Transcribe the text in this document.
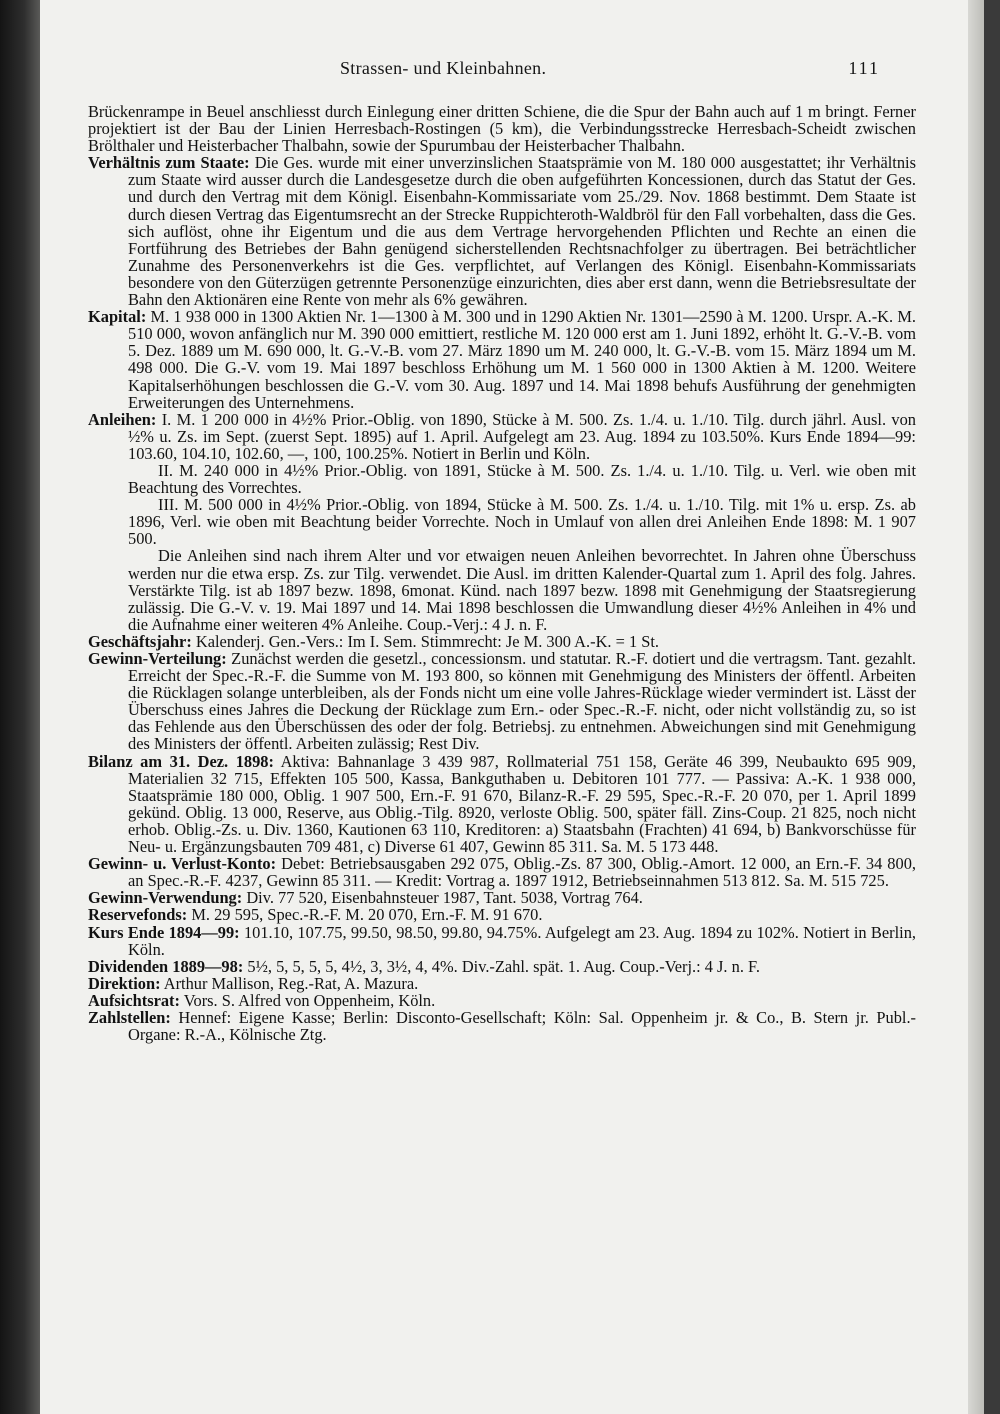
Strassen- und Kleinbahnen.	111

Brückenrampe in Beuel anschliesst durch Einlegung einer dritten Schiene, die die Spur der Bahn auch auf 1 m bringt. Ferner projektiert ist der Bau der Linien Herresbach-Rostingen (5 km), die Verbindungsstrecke Herresbach-Scheidt zwischen Brölthaler und Heisterbacher Thalbahn, sowie der Spurumbau der Heisterbacher Thalbahn.

Verhältnis zum Staate: Die Ges. wurde mit einer unverzinslichen Staatsprämie von M. 180 000 ausgestattet; ihr Verhältnis zum Staate wird ausser durch die Landesgesetze durch die oben aufgeführten Koncessionen, durch das Statut der Ges. und durch den Vertrag mit dem Königl. Eisenbahn-Kommissariate vom 25./29. Nov. 1868 bestimmt. Dem Staate ist durch diesen Vertrag das Eigentumsrecht an der Strecke Ruppichteroth-Waldbröl für den Fall vorbehalten, dass die Ges. sich auflöst, ohne ihr Eigentum und die aus dem Vertrage hervorgehenden Pflichten und Rechte an einen die Fortführung des Betriebes der Bahn genügend sicherstellenden Rechtsnachfolger zu übertragen. Bei beträchtlicher Zunahme des Personenverkehrs ist die Ges. verpflichtet, auf Verlangen des Königl. Eisenbahn-Kommissariats besondere von den Güterzügen getrennte Personenzüge einzurichten, dies aber erst dann, wenn die Betriebsresultate der Bahn den Aktionären eine Rente von mehr als 6% gewähren.

Kapital: M. 1 938 000 in 1300 Aktien Nr. 1—1300 à M. 300 und in 1290 Aktien Nr. 1301—2590 à M. 1200. Urspr. A.-K. M. 510 000, wovon anfänglich nur M. 390 000 emittiert, restliche M. 120 000 erst am 1. Juni 1892, erhöht lt. G.-V.-B. vom 5. Dez. 1889 um M. 690 000, lt. G.-V.-B. vom 27. März 1890 um M. 240 000, lt. G.-V.-B. vom 15. März 1894 um M. 498 000. Die G.-V. vom 19. Mai 1897 beschloss Erhöhung um M. 1 560 000 in 1300 Aktien à M. 1200. Weitere Kapitalserhöhungen beschlossen die G.-V. vom 30. Aug. 1897 und 14. Mai 1898 behufs Ausführung der genehmigten Erweiterungen des Unternehmens.

Anleihen: I. M. 1 200 000 in 4½% Prior.-Oblig. von 1890, Stücke à M. 500. Zs. 1./4. u. 1./10. Tilg. durch jährl. Ausl. von ½% u. Zs. im Sept. (zuerst Sept. 1895) auf 1. April. Aufgelegt am 23. Aug. 1894 zu 103.50%. Kurs Ende 1894—99: 103.60, 104.10, 102.60, —, 100, 100.25%. Notiert in Berlin und Köln.

II. M. 240 000 in 4½% Prior.-Oblig. von 1891, Stücke à M. 500. Zs. 1./4. u. 1./10. Tilg. u. Verl. wie oben mit Beachtung des Vorrechtes.

III. M. 500 000 in 4½% Prior.-Oblig. von 1894, Stücke à M. 500. Zs. 1./4. u. 1./10. Tilg. mit 1% u. ersp. Zs. ab 1896, Verl. wie oben mit Beachtung beider Vorrechte. Noch in Umlauf von allen drei Anleihen Ende 1898: M. 1 907 500.

Die Anleihen sind nach ihrem Alter und vor etwaigen neuen Anleihen bevorrechtet. In Jahren ohne Überschuss werden nur die etwa ersp. Zs. zur Tilg. verwendet. Die Ausl. im dritten Kalender-Quartal zum 1. April des folg. Jahres. Verstärkte Tilg. ist ab 1897 bezw. 1898, 6monat. Künd. nach 1897 bezw. 1898 mit Genehmigung der Staatsregierung zulässig. Die G.-V. v. 19. Mai 1897 und 14. Mai 1898 beschlossen die Umwandlung dieser 4½% Anleihen in 4% und die Aufnahme einer weiteren 4% Anleihe. Coup.-Verj.: 4 J. n. F.

Geschäftsjahr: Kalenderj. Gen.-Vers.: Im I. Sem. Stimmrecht: Je M. 300 A.-K. = 1 St.

Gewinn-Verteilung: Zunächst werden die gesetzl., concessionsm. und statutar. R.-F. dotiert und die vertragsm. Tant. gezahlt. Erreicht der Spec.-R.-F. die Summe von M. 193 800, so können mit Genehmigung des Ministers der öffentl. Arbeiten die Rücklagen solange unterbleiben, als der Fonds nicht um eine volle Jahres-Rücklage wieder vermindert ist. Lässt der Überschuss eines Jahres die Deckung der Rücklage zum Ern.- oder Spec.-R.-F. nicht, oder nicht vollständig zu, so ist das Fehlende aus den Überschüssen des oder der folg. Betriebsj. zu entnehmen. Abweichungen sind mit Genehmigung des Ministers der öffentl. Arbeiten zulässig; Rest Div.

Bilanz am 31. Dez. 1898: Aktiva: Bahnanlage 3 439 987, Rollmaterial 751 158, Geräte 46 399, Neubaukto 695 909, Materialien 32 715, Effekten 105 500, Kassa, Bankguthaben u. Debitoren 101 777. — Passiva: A.-K. 1 938 000, Staatsprämie 180 000, Oblig. 1 907 500, Ern.-F. 91 670, Bilanz-R.-F. 29 595, Spec.-R.-F. 20 070, per 1. April 1899 gekünd. Oblig. 13 000, Reserve, aus Oblig.-Tilg. 8920, verloste Oblig. 500, später fäll. Zins-Coup. 21 825, noch nicht erhob. Oblig.-Zs. u. Div. 1360, Kautionen 63 110, Kreditoren: a) Staatsbahn (Frachten) 41 694, b) Bankvorschüsse für Neu- u. Ergänzungsbauten 709 481, c) Diverse 61 407, Gewinn 85 311. Sa. M. 5 173 448.

Gewinn- u. Verlust-Konto: Debet: Betriebsausgaben 292 075, Oblig.-Zs. 87 300, Oblig.-Amort. 12 000, an Ern.-F. 34 800, an Spec.-R.-F. 4237, Gewinn 85 311. — Kredit: Vortrag a. 1897 1912, Betriebseinnahmen 513 812. Sa. M. 515 725.

Gewinn-Verwendung: Div. 77 520, Eisenbahnsteuer 1987, Tant. 5038, Vortrag 764.

Reservefonds: M. 29 595, Spec.-R.-F. M. 20 070, Ern.-F. M. 91 670.

Kurs Ende 1894—99: 101.10, 107.75, 99.50, 98.50, 99.80, 94.75%. Aufgelegt am 23. Aug. 1894 zu 102%. Notiert in Berlin, Köln.

Dividenden 1889—98: 5½, 5, 5, 5, 5, 4½, 3, 3½, 4, 4%. Div.-Zahl. spät. 1. Aug. Coup.-Verj.: 4 J. n. F.

Direktion: Arthur Mallison, Reg.-Rat, A. Mazura.

Aufsichtsrat: Vors. S. Alfred von Oppenheim, Köln.

Zahlstellen: Hennef: Eigene Kasse; Berlin: Disconto-Gesellschaft; Köln: Sal. Oppenheim jr. & Co., B. Stern jr. Publ.-Organe: R.-A., Kölnische Ztg.
